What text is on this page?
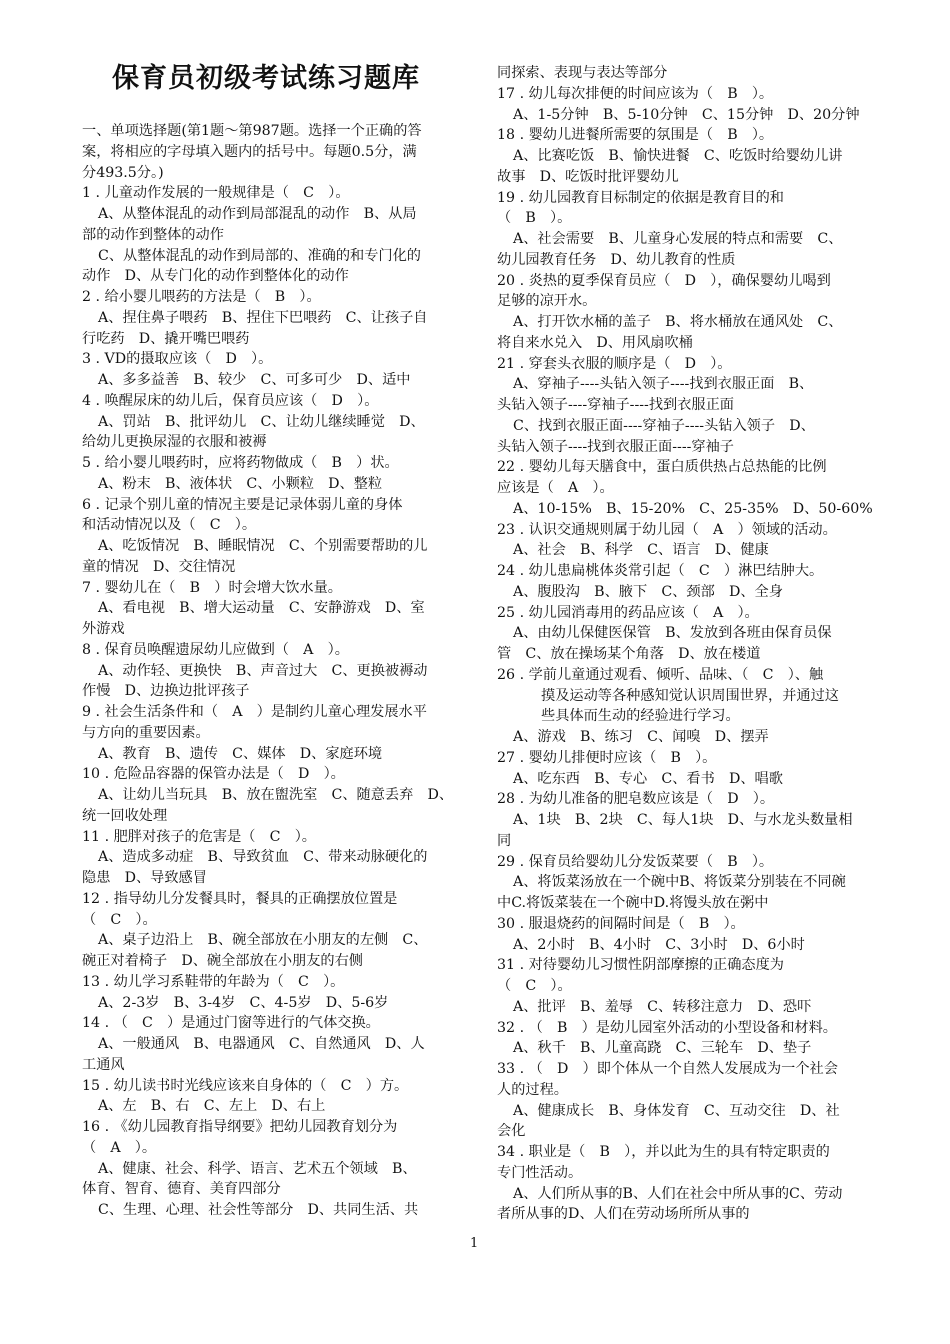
保育员初级考试练习题库
一、单项选择题(第1题～第987题。选择一个正确的答
案，将相应的字母填入题内的括号中。每题0.5分，满
分493.5分。)
1 . 儿童动作发展的一般规律是（　C　）。
A、从整体混乱的动作到局部混乱的动作　B、从局
部的动作到整体的动作
C、从整体混乱的动作到局部的、准确的和专门化的
动作　D、从专门化的动作到整体化的动作
2 . 给小婴儿喂药的方法是（　B　）。
A、捏住鼻子喂药　B、捏住下巴喂药　C、让孩子自
行吃药　D、撬开嘴巴喂药
3 . VD的摄取应该（　D　）。
A、多多益善　B、较少　C、可多可少　D、适中
4 . 唤醒尿床的幼儿后，保育员应该（　D　）。
A、罚站　B、批评幼儿　C、让幼儿继续睡觉　D、
给幼儿更换尿湿的衣服和被褥
5 . 给小婴儿喂药时，应将药物做成（　B　）状。
A、粉末　B、液体状　C、小颗粒　D、整粒
6 . 记录个别儿童的情况主要是记录体弱儿童的身体
和活动情况以及（　C　）。
A、吃饭情况　B、睡眠情况　C、个别需要帮助的儿
童的情况　D、交往情况
7 . 婴幼儿在（　B　）时会增大饮水量。
A、看电视　B、增大运动量　C、安静游戏　D、室
外游戏
8 . 保育员唤醒遗尿幼儿应做到（　A　）。
A、动作轻、更换快　B、声音过大　C、更换被褥动
作慢　D、边换边批评孩子
9 . 社会生活条件和（　A　）是制约儿童心理发展水平
与方向的重要因素。
A、教育　B、遗传　C、媒体　D、家庭环境
10 . 危险品容器的保管办法是（　D　）。
A、让幼儿当玩具　B、放在盥洗室　C、随意丢弃　D、
统一回收处理
11 . 肥胖对孩子的危害是（　C　）。
A、造成多动症　B、导致贫血　C、带来动脉硬化的
隐患　D、导致感冒
12 . 指导幼儿分发餐具时，餐具的正确摆放位置是
（　C　）。
A、桌子边沿上　B、碗全部放在小朋友的左侧　C、
碗正对着椅子　D、碗全部放在小朋友的右侧
13 . 幼儿学习系鞋带的年龄为（　C　）。
A、2-3岁　B、3-4岁　C、4-5岁　D、5-6岁
14 . （　C　）是通过门窗等进行的气体交换。
A、一般通风　B、电器通风　C、自然通风　D、人
工通风
15 . 幼儿读书时光线应该来自身体的（　C　）方。
A、左　B、右　C、左上　D、右上
16 . 《幼儿园教育指导纲要》把幼儿园教育划分为
（　A　）。
A、健康、社会、科学、语言、艺术五个领域　B、
体育、智育、德育、美育四部分
C、生理、心理、社会性等部分　D、共同生活、共
同探索、表现与表达等部分
17 . 幼儿每次排便的时间应该为（　B　）。
A、1-5分钟　B、5-10分钟　C、15分钟　D、20分钟
18 . 婴幼儿进餐所需要的氛围是（　B　）。
A、比赛吃饭　B、愉快进餐　C、吃饭时给婴幼儿讲
故事　D、吃饭时批评婴幼儿
19 . 幼儿园教育目标制定的依据是教育目的和
（　B　）。
A、社会需要　B、儿童身心发展的特点和需要　C、
幼儿园教育任务　D、幼儿教育的性质
20 . 炎热的夏季保育员应（　D　），确保婴幼儿喝到
足够的凉开水。
A、打开饮水桶的盖子　B、将水桶放在通风处　C、
将自来水兑入　D、用风扇吹桶
21 . 穿套头衣服的顺序是（　D　）。
A、穿袖子----头钻入领子----找到衣服正面　B、
头钻入领子----穿袖子----找到衣服正面
C、找到衣服正面----穿袖子----头钻入领子　D、
头钻入领子----找到衣服正面----穿袖子
22 . 婴幼儿每天膳食中，蛋白质供热占总热能的比例
应该是（　A　）。
A、10-15%　B、15-20%　C、25-35%　D、50-60%
23 . 认识交通规则属于幼儿园（　A　）领域的活动。
A、社会　B、科学　C、语言　D、健康
24 . 幼儿患扁桃体炎常引起（　C　）淋巴结肿大。
A、腹股沟　B、腋下　C、颈部　D、全身
25 . 幼儿园消毒用的药品应该（　A　）。
A、由幼儿保健医保管　B、发放到各班由保育员保
管　C、放在操场某个角落　D、放在楼道
26 . 学前儿童通过观看、倾听、品味、（　C　）、触
摸及运动等各种感知觉认识周围世界，并通过这
些具体而生动的经验进行学习。
A、游戏　B、练习　C、闻嗅　D、摆弄
27 . 婴幼儿排便时应该（　B　）。
A、吃东西　B、专心　C、看书　D、唱歌
28 . 为幼儿准备的肥皂数应该是（　D　）。
A、1块　B、2块　C、每人1块　D、与水龙头数量相
同
29 . 保育员给婴幼儿分发饭菜要（　B　）。
A、将饭菜汤放在一个碗中B、将饭菜分别装在不同碗
中C.将饭菜装在一个碗中D.将馒头放在粥中
30 . 服退烧药的间隔时间是（　B　）。
A、2小时　B、4小时　C、3小时　D、6小时
31 . 对待婴幼儿习惯性阴部摩擦的正确态度为
（　C　）。
A、批评　B、羞辱　C、转移注意力　D、恐吓
32 . （　B　）是幼儿园室外活动的小型设备和材料。
A、秋千　B、儿童高跷　C、三轮车　D、垫子
33 . （　D　）即个体从一个自然人发展成为一个社会
人的过程。
A、健康成长　B、身体发育　C、互动交往　D、社
会化
34 . 职业是（　B　），并以此为生的具有特定职责的
专门性活动。
A、人们所从事的B、人们在社会中所从事的C、劳动
者所从事的D、人们在劳动场所所从事的
1
